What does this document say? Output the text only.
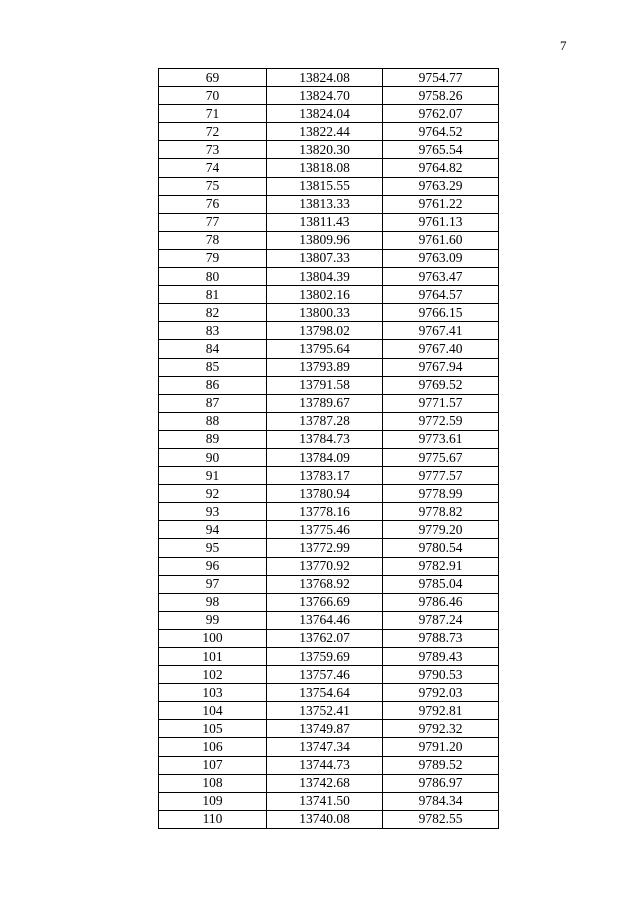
7
69	13824.08	9754.77
70	13824.70	9758.26
71	13824.04	9762.07
72	13822.44	9764.52
73	13820.30	9765.54
74	13818.08	9764.82
75	13815.55	9763.29
76	13813.33	9761.22
77	13811.43	9761.13
78	13809.96	9761.60
79	13807.33	9763.09
80	13804.39	9763.47
81	13802.16	9764.57
82	13800.33	9766.15
83	13798.02	9767.41
84	13795.64	9767.40
85	13793.89	9767.94
86	13791.58	9769.52
87	13789.67	9771.57
88	13787.28	9772.59
89	13784.73	9773.61
90	13784.09	9775.67
91	13783.17	9777.57
92	13780.94	9778.99
93	13778.16	9778.82
94	13775.46	9779.20
95	13772.99	9780.54
96	13770.92	9782.91
97	13768.92	9785.04
98	13766.69	9786.46
99	13764.46	9787.24
100	13762.07	9788.73
101	13759.69	9789.43
102	13757.46	9790.53
103	13754.64	9792.03
104	13752.41	9792.81
105	13749.87	9792.32
106	13747.34	9791.20
107	13744.73	9789.52
108	13742.68	9786.97
109	13741.50	9784.34
110	13740.08	9782.55
